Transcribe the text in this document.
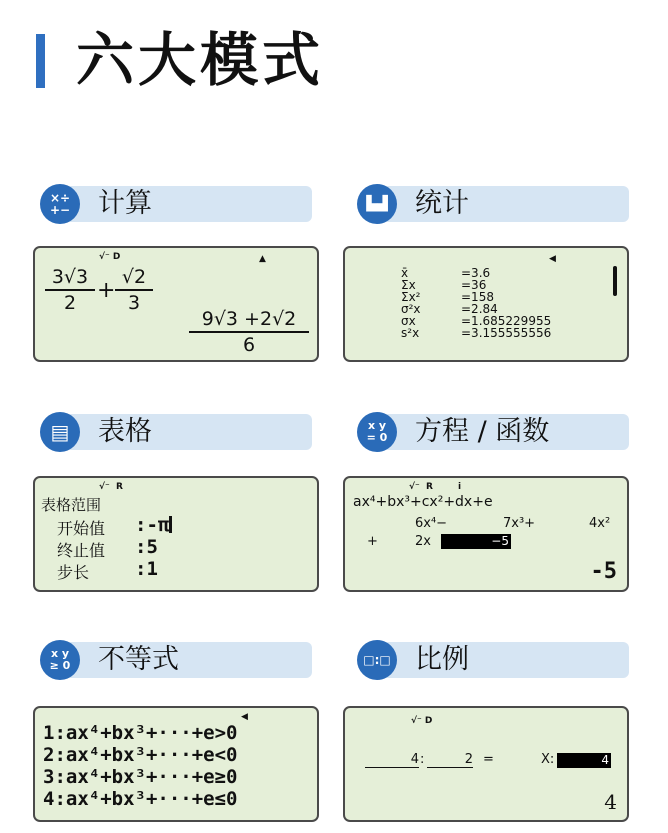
六大模式
×÷
+−	计算	▙▟	统计
√⁻ D	▲
3√3
2 +
√2
3
9√3 +2√2
6
◀
x̄	=3.6
Σx	=36
Σx²	=158
σ²x	=2.84
σx	=1.685229955
s²x	=3.155555556
▤	表格	x y
= 0	方程 / 函数
√⁻  R
表格范围
开始值 :-π
终止值 :5
步长 :1
√⁻  R        i
ax⁴+bx³+cx²+dx+e
6x⁴−	7x³+	4x²
+	2x	−5
-5
x y
≥ 0	不等式	□:□ 比例
◀
1:ax⁴+bx³+···+e>0
2:ax⁴+bx³+···+e<0
3:ax⁴+bx³+···+e≥0
4:ax⁴+bx³+···+e≤0
√⁻ D
4 :	2 =	X:	4
4
